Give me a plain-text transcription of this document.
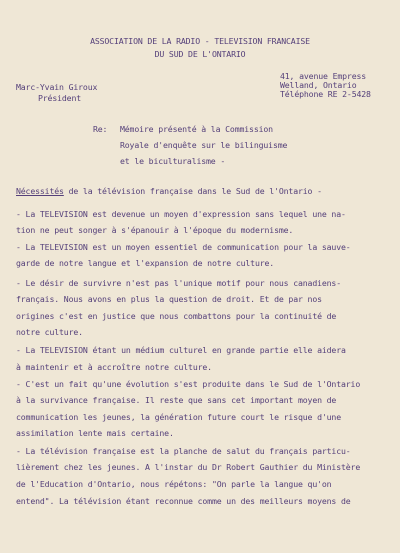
ASSOCIATION DE LA RADIO - TELEVISION FRANCAISE
DU SUD DE L'ONTARIO
Marc-Yvain Giroux
Président
41, avenue Empress
Welland, Ontario
Téléphone RE 2-5428
Re: Mémoire présenté à la Commission
Royale d'enquête sur le bilinguisme
et le biculturalisme -
Nécessités de la télévision française dans le Sud de l'Ontario -
- La TELEVISION est devenue un moyen d'expression sans lequel une na-
tion ne peut songer à s'épanouir à l'époque du modernisme.
- La TELEVISION est un moyen essentiel de communication pour la sauve-
garde de notre langue et l'expansion de notre culture.
- Le désir de survivre n'est pas l'unique motif pour nous canadiens-
français. Nous avons en plus la question de droit. Et de par nos
origines c'est en justice que nous combattons pour la continuité de
notre culture.
- La TELEVISION étant un médium culturel en grande partie elle aidera
à maintenir et à accroître notre culture.
- C'est un fait qu'une évolution s'est produite dans le Sud de l'Ontario
à la survivance française. Il reste que sans cet important moyen de
communication les jeunes, la génération future court le risque d'une
assimilation lente mais certaine.
- La télévision française est la planche de salut du français particu-
lièrement chez les jeunes. A l'instar du Dr Robert Gauthier du Ministère
de l'Education d'Ontario, nous répétons: "On parle la langue qu'on
entend". La télévision étant reconnue comme un des meilleurs moyens de
